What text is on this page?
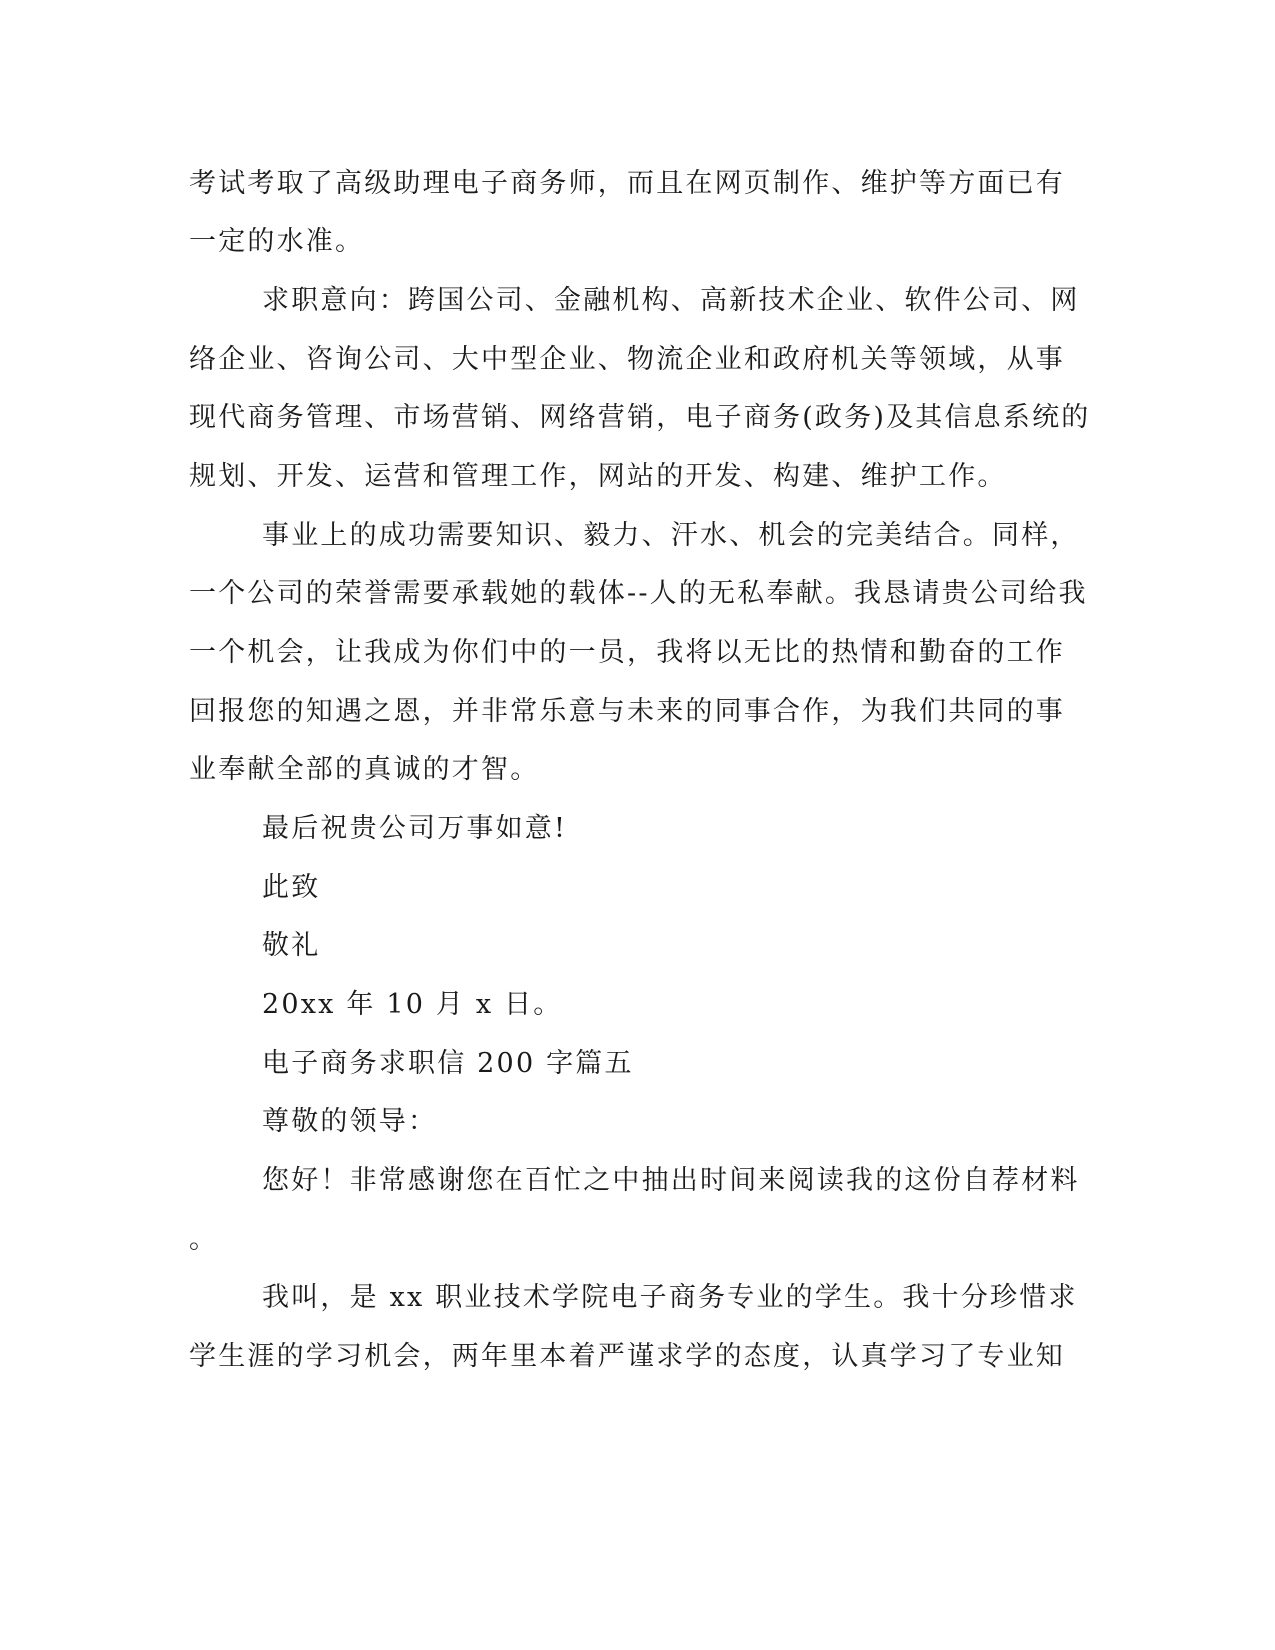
考试考取了高级助理电子商务师，而且在网页制作、维护等方面已有
一定的水准。
求职意向：跨国公司、金融机构、高新技术企业、软件公司、网
络企业、咨询公司、大中型企业、物流企业和政府机关等领域，从事
现代商务管理、市场营销、网络营销，电子商务(政务)及其信息系统的
规划、开发、运营和管理工作，网站的开发、构建、维护工作。
事业上的成功需要知识、毅力、汗水、机会的完美结合。同样，
一个公司的荣誉需要承载她的载体--人的无私奉献。我恳请贵公司给我
一个机会，让我成为你们中的一员，我将以无比的热情和勤奋的工作
回报您的知遇之恩，并非常乐意与未来的同事合作，为我们共同的事
业奉献全部的真诚的才智。
最后祝贵公司万事如意!
此致
敬礼
20xx 年 10 月 x 日。
电子商务求职信 200 字篇五
尊敬的领导：
您好！非常感谢您在百忙之中抽出时间来阅读我的这份自荐材料
。
我叫，是 xx 职业技术学院电子商务专业的学生。我十分珍惜求
学生涯的学习机会，两年里本着严谨求学的态度，认真学习了专业知
